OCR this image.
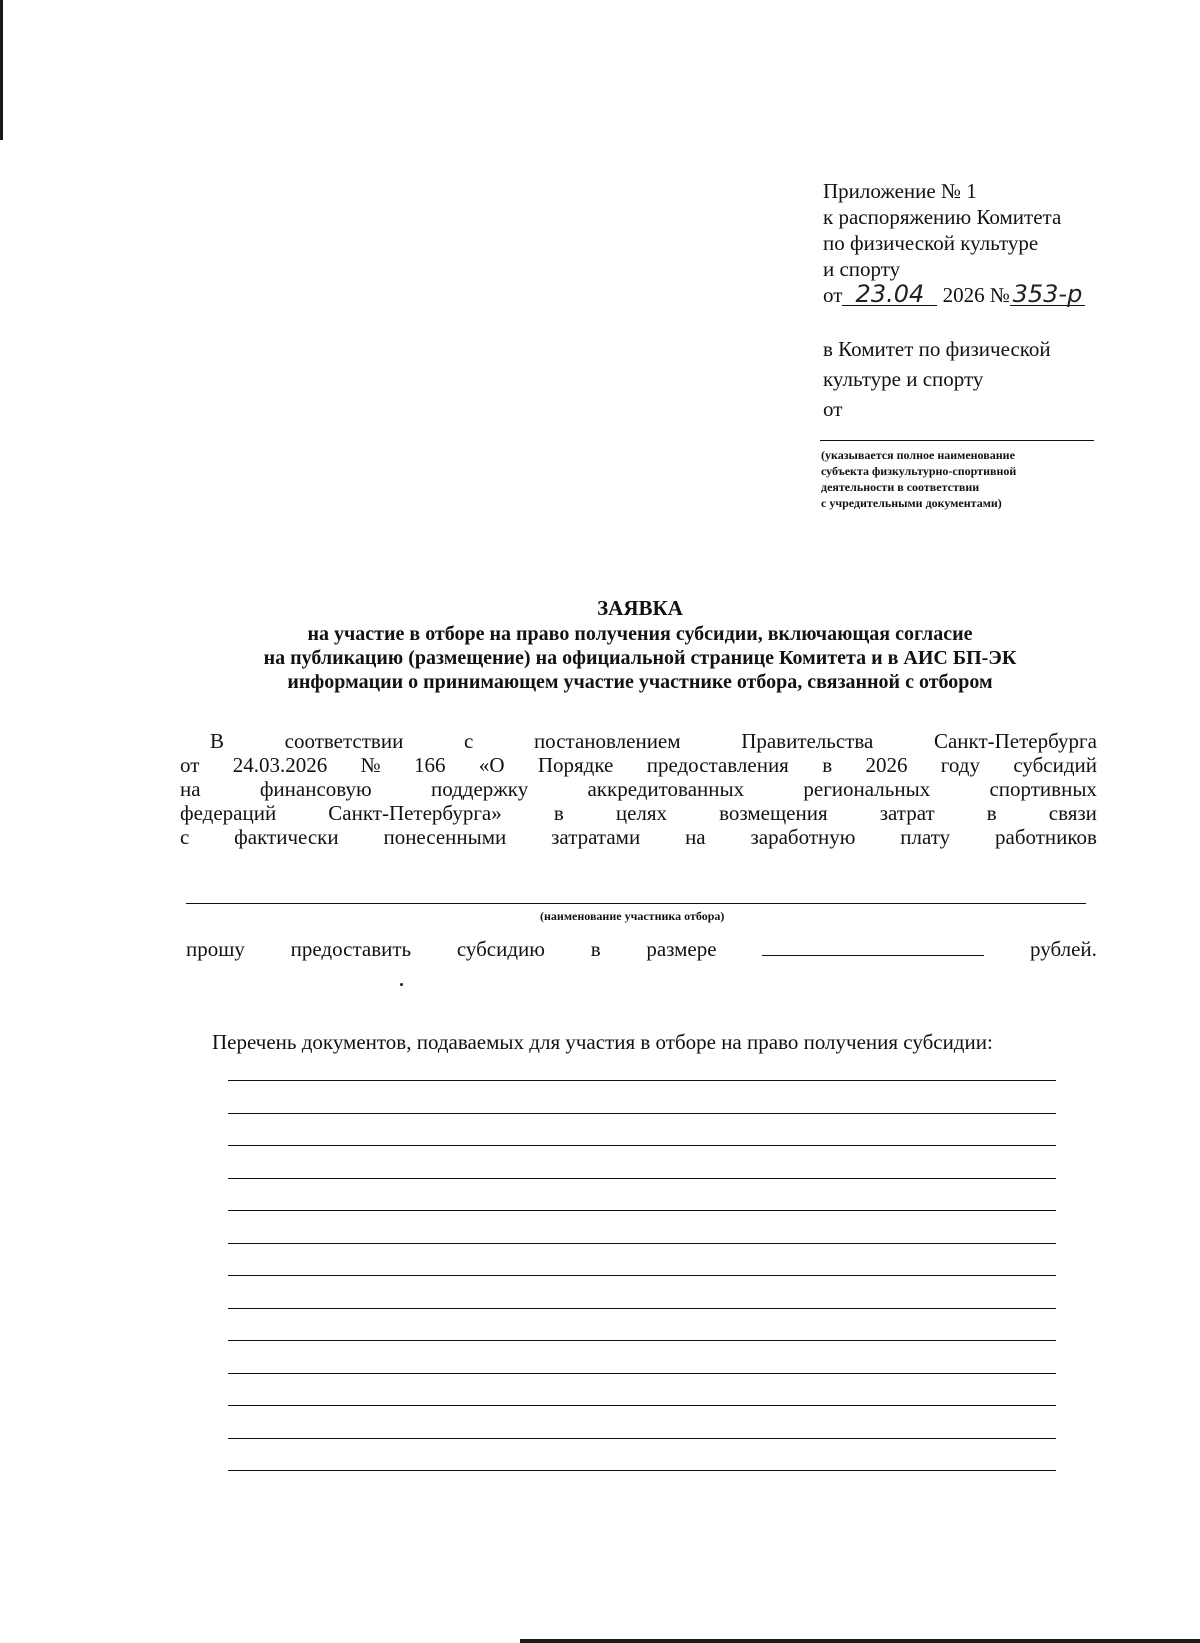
Приложение № 1
к распоряжению Комитета
по физической культуре
и спорту
от 23.04 2026 № 353-р
в Комитет по физической
культуре и спорту
от
(указывается полное наименование
субъекта физкультурно-спортивной
деятельности в соответствии
с учредительными документами)
ЗАЯВКА
на участие в отборе на право получения субсидии, включающая согласие
на публикацию (размещение) на официальной странице Комитета и в АИС БП-ЭК
информации о принимающем участие участнике отбора, связанной с отбором
В	соответствии	с	постановлением	Правительства	Санкт-Петербурга
от 24.03.2026 № 166 «О Порядке предоставления в 2026 году субсидий
на	финансовую	поддержку	аккредитованных	региональных	спортивных
федераций Санкт-Петербурга» в целях возмещения затрат в связи
с фактически понесенными затратами на заработную плату работников
(наименование участника отбора)
прошу предоставить субсидию в размере	рублей.
Перечень документов, подаваемых для участия в отборе на право получения субсидии:
